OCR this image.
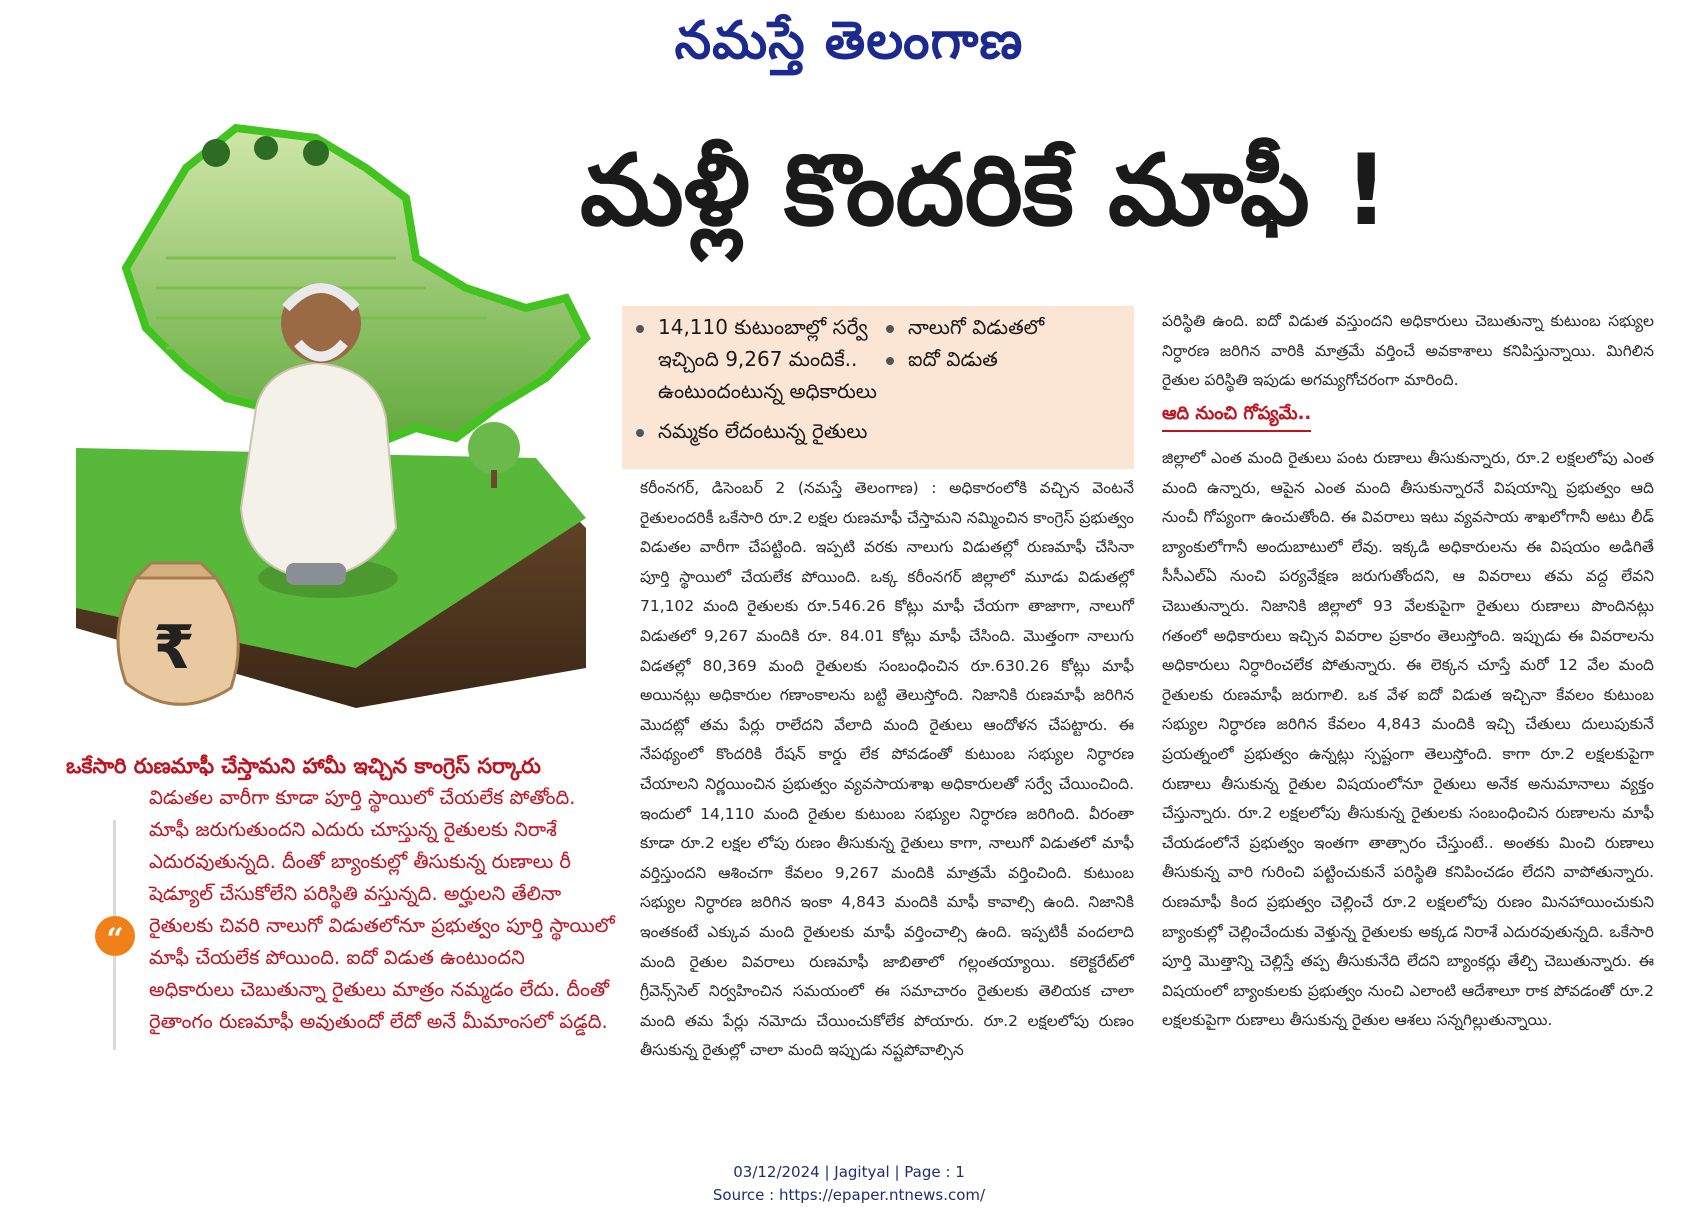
నమస్తే తెలంగాణ
₹
మళ్లీ కొందరికే మాఫీ !
14,110 కుటుంబాల్లో సర్వే	నాలుగో విడుతలో
ఇచ్చింది 9,267 మందికే..	ఐదో విడుత
ఉంటుందంటున్న అధికారులు
నమ్మకం లేదంటున్న రైతులు
కరీంనగర్, డిసెంబర్ 2 (నమస్తే తెలంగాణ) : అధికారంలోకి వచ్చిన వెంటనే రైతులందరికీ ఒకేసారి రూ.2 లక్షల రుణమాఫీ చేస్తామని నమ్మించిన కాంగ్రెస్ ప్రభుత్వం విడుతల వారీగా చేపట్టింది. ఇప్పటి వరకు నాలుగు విడుతల్లో రుణమాఫీ చేసినా పూర్తి స్థాయిలో చేయలేక పోయింది. ఒక్క కరీంనగర్ జిల్లాలో మూడు విడుతల్లో 71,102 మంది రైతులకు రూ.546.26 కోట్లు మాఫీ చేయగా తాజాగా, నాలుగో విడుతలో 9,267 మందికి రూ. 84.01 కోట్లు మాఫీ చేసింది. మొత్తంగా నాలుగు విడతల్లో 80,369 మంది రైతులకు సంబంధించిన రూ.630.26 కోట్లు మాఫీ అయినట్లు అధికారుల గణాంకాలను బట్టి తెలుస్తోంది. నిజానికి రుణమాఫీ జరిగిన మొదట్లో తమ పేర్లు రాలేదని వేలాది మంది రైతులు ఆందోళన చేపట్టారు. ఈ నేపథ్యంలో కొందరికి రేషన్ కార్డు లేక పోవడంతో కుటుంబ సభ్యుల నిర్ధారణ చేయాలని నిర్ణయించిన ప్రభుత్వం వ్యవసాయశాఖ అధికారులతో సర్వే చేయించింది. ఇందులో 14,110 మంది రైతుల కుటుంబ సభ్యుల నిర్ధారణ జరిగింది. వీరంతా కూడా రూ.2 లక్షల లోపు రుణం తీసుకున్న రైతులు కాగా, నాలుగో విడుతలో మాఫీ వర్తిస్తుందని ఆశించగా కేవలం 9,267 మందికి మాత్రమే వర్తించింది. కుటుంబ సభ్యుల నిర్ధారణ జరిగిన ఇంకా 4,843 మందికి మాఫీ కావాల్సి ఉంది. నిజానికి ఇంతకంటే ఎక్కువ మంది రైతులకు మాఫీ వర్తించాల్సి ఉంది. ఇప్పటికీ వందలాది మంది రైతుల వివరాలు రుణమాఫీ జాబితాలో గల్లంతయ్యాయి. కలెక్టరేట్‌లో గ్రీవెన్స్‌సెల్ నిర్వహించిన సమయంలో ఈ సమాచారం రైతులకు తెలియక చాలా మంది తమ పేర్లు నమోదు చేయించుకోలేక పోయారు. రూ.2 లక్షలలోపు రుణం తీసుకున్న రైతుల్లో చాలా మంది ఇప్పుడు నష్టపోవాల్సిన

పరిస్థితి ఉంది. ఐదో విడుత వస్తుందని అధికారులు చెబుతున్నా కుటుంబ సభ్యుల నిర్ధారణ జరిగిన వారికి మాత్రమే వర్తించే అవకాశాలు కనిపిస్తున్నాయి. మిగిలిన రైతుల పరిస్థితి ఇపుడు అగమ్యగోచరంగా మారింది.

ఆది నుంచి గోప్యమే..
జిల్లాలో ఎంత మంది రైతులు పంట రుణాలు తీసుకున్నారు, రూ.2 లక్షలలోపు ఎంత మంది ఉన్నారు, ఆపైన ఎంత మంది తీసుకున్నారనే విషయాన్ని ప్రభుత్వం ఆది నుంచీ గోప్యంగా ఉంచుతోంది. ఈ వివరాలు ఇటు వ్యవసాయ శాఖలోగానీ అటు లీడ్ బ్యాంకులోగానీ అందుబాటులో లేవు. ఇక్కడి అధికారులను ఈ విషయం అడిగితే సీసీఎల్ఏ నుంచి పర్యవేక్షణ జరుగుతోందని, ఆ వివరాలు తమ వద్ద లేవని చెబుతున్నారు. నిజానికి జిల్లాలో 93 వేలకుపైగా రైతులు రుణాలు పొందినట్లు గతంలో అధికారులు ఇచ్చిన వివరాల ప్రకారం తెలుస్తోంది. ఇప్పుడు ఈ వివరాలను అధికారులు నిర్ధారించలేక పోతున్నారు. ఈ లెక్కన చూస్తే మరో 12 వేల మంది రైతులకు రుణమాఫీ జరుగాలి. ఒక వేళ ఐదో విడుత ఇచ్చినా కేవలం కుటుంబ సభ్యుల నిర్ధారణ జరిగిన కేవలం 4,843 మందికి ఇచ్చి చేతులు దులుపుకునే ప్రయత్నంలో ప్రభుత్వం ఉన్నట్లు స్పష్టంగా తెలుస్తోంది. కాగా రూ.2 లక్షలకుపైగా రుణాలు తీసుకున్న రైతుల విషయంలోనూ రైతులు అనేక అనుమానాలు వ్యక్తం చేస్తున్నారు. రూ.2 లక్షలలోపు తీసుకున్న రైతులకు సంబంధించిన రుణాలను మాఫీ చేయడంలోనే ప్రభుత్వం ఇంతగా తాత్సారం చేస్తుంటే.. అంతకు మించి రుణాలు తీసుకున్న వారి గురించి పట్టించుకునే పరిస్థితి కనిపించడం లేదని వాపోతున్నారు. రుణమాఫీ కింద ప్రభుత్వం చెల్లించే రూ.2 లక్షలలోపు రుణం మినహాయించుకుని బ్యాంకుల్లో చెల్లించేందుకు వెళ్తున్న రైతులకు అక్కడ నిరాశే ఎదురవుతున్నది. ఒకేసారి పూర్తి మొత్తాన్ని చెల్లిస్తే తప్ప తీసుకునేది లేదని బ్యాంకర్లు తేల్చి చెబుతున్నారు. ఈ విషయంలో బ్యాంకులకు ప్రభుత్వం నుంచి ఎలాంటి ఆదేశాలూ రాక పోవడంతో రూ.2 లక్షలకుపైగా రుణాలు తీసుకున్న రైతుల ఆశలు సన్నగిల్లుతున్నాయి.
ఒకేసారి రుణమాఫీ చేస్తామని హామీ ఇచ్చిన కాంగ్రెస్ సర్కారు
విడుతల వారీగా కూడా పూర్తి స్థాయిలో చేయలేక పోతోంది. మాఫీ జరుగుతుందని ఎదురు చూస్తున్న రైతులకు నిరాశే ఎదురవుతున్నది. దీంతో బ్యాంకుల్లో తీసుకున్న రుణాలు రీ షెడ్యూల్ చేసుకోలేని పరిస్థితి వస్తున్నది. అర్హులని తేలినా రైతులకు చివరి నాలుగో విడుతలోనూ ప్రభుత్వం పూర్తి స్థాయిలో మాఫీ చేయలేక పోయింది. ఐదో విడుత ఉంటుందని అధికారులు చెబుతున్నా రైతులు మాత్రం నమ్మడం లేదు. దీంతో రైతాంగం రుణమాఫీ అవుతుందో లేదో అనే మీమాంసలో పడ్డది.
“
03/12/2024 | Jagityal | Page : 1
Source : https://epaper.ntnews.com/
